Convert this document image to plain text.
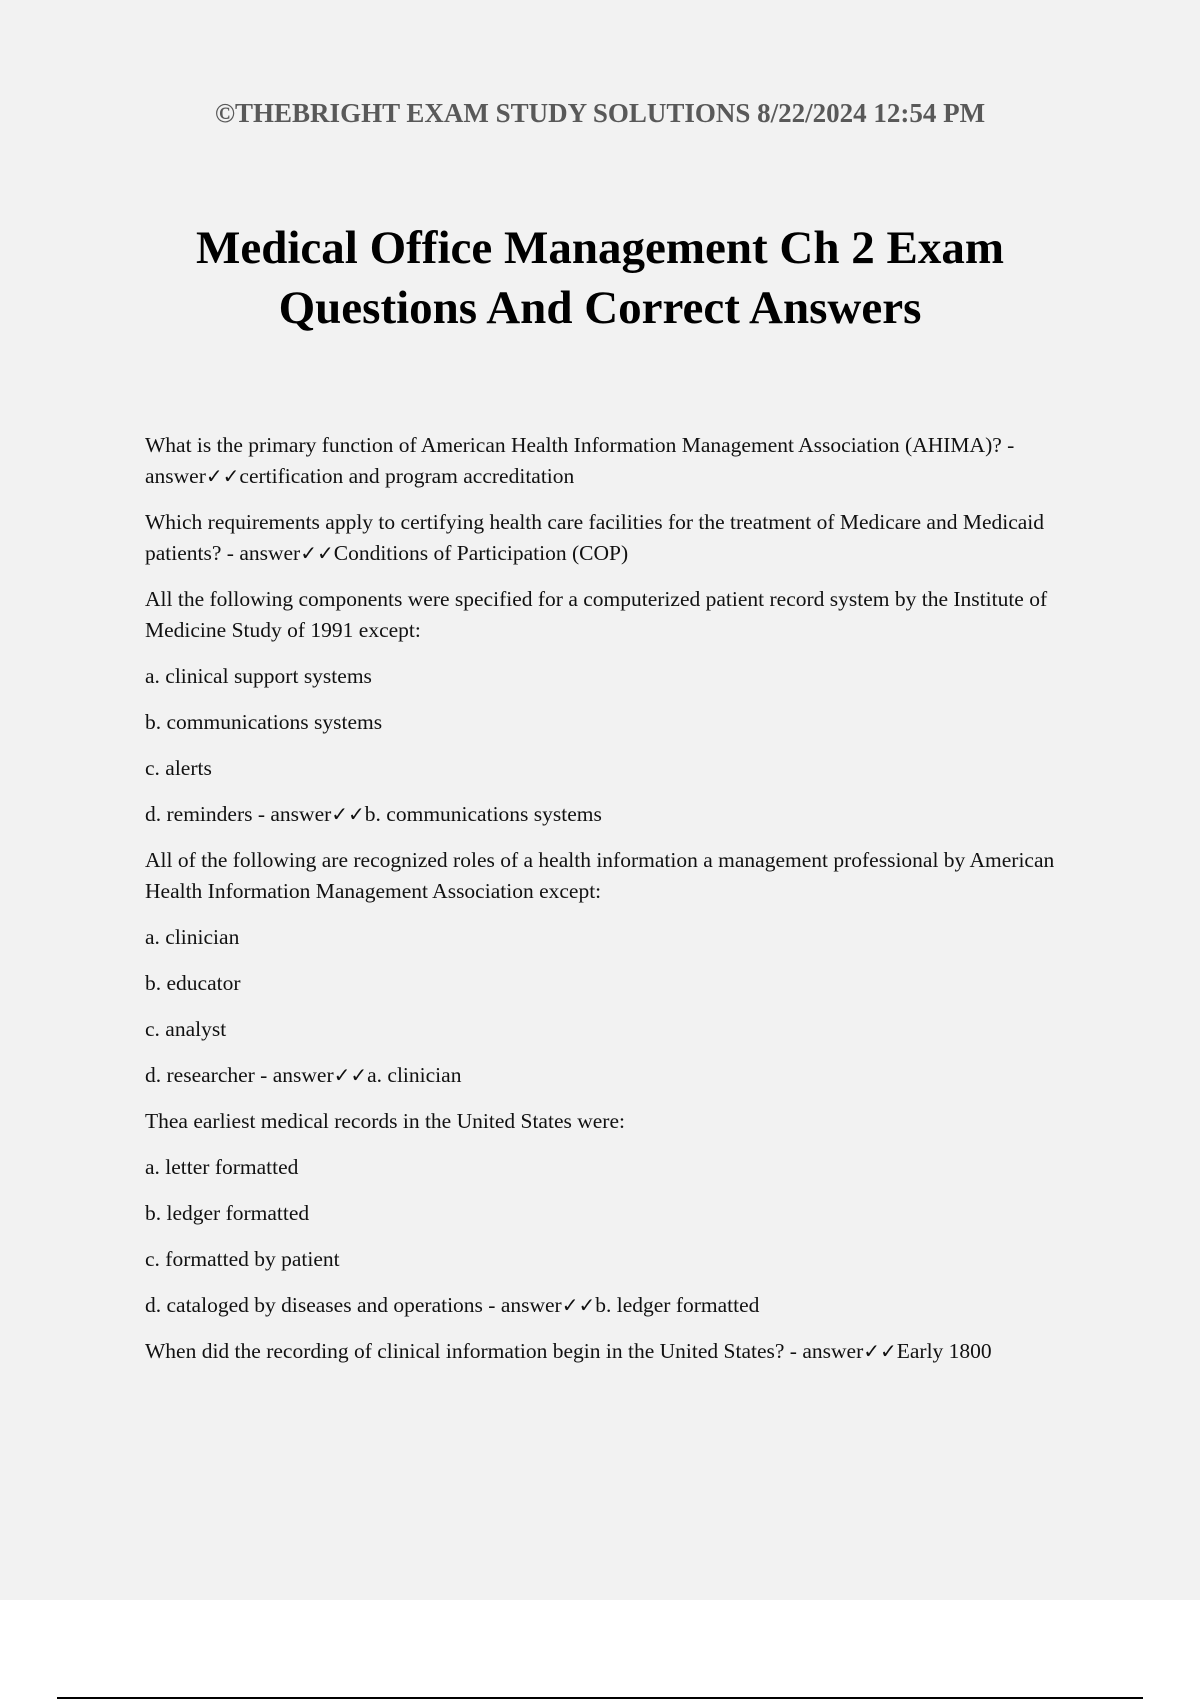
©THEBRIGHT EXAM STUDY SOLUTIONS 8/22/2024 12:54 PM
Medical Office Management Ch 2 Exam Questions And Correct Answers

What is the primary function of American Health Information Management Association (AHIMA)? - answer✓✓certification and program accreditation

Which requirements apply to certifying health care facilities for the treatment of Medicare and Medicaid patients? - answer✓✓Conditions of Participation (COP)

All the following components were specified for a computerized patient record system by the Institute of Medicine Study of 1991 except:

a. clinical support systems

b. communications systems

c. alerts

d. reminders - answer✓✓b. communications systems

All of the following are recognized roles of a health information a management professional by American Health Information Management Association except:

a. clinician

b. educator

c. analyst

d. researcher - answer✓✓a. clinician

Thea earliest medical records in the United States were:

a. letter formatted

b. ledger formatted

c. formatted by patient

d. cataloged by diseases and operations - answer✓✓b. ledger formatted

When did the recording of clinical information begin in the United States? - answer✓✓Early 1800
